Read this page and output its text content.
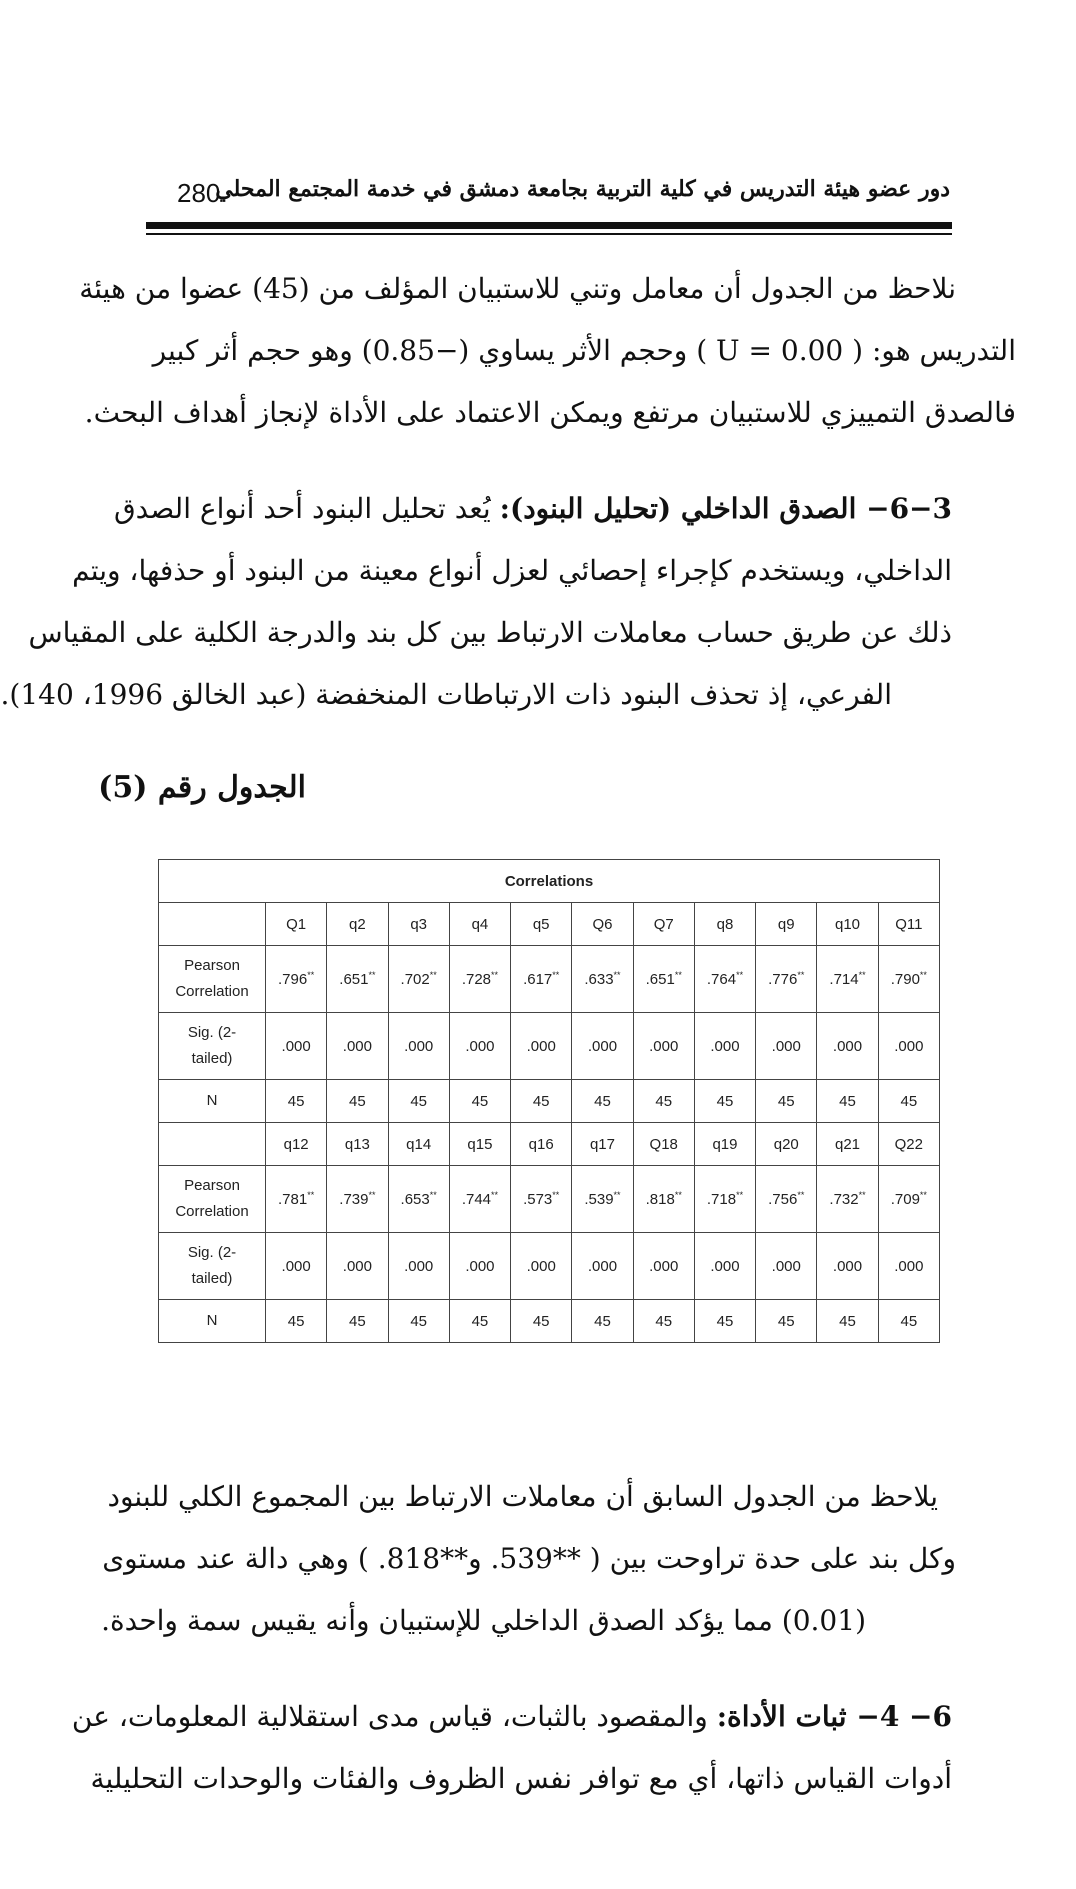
280
دور عضو هيئة التدريس في كلية التربية بجامعة دمشق في خدمة المجتمع المحلي
نلاحظ من الجدول أن معامل وتني للاستبيان المؤلف من (45) عضوا من هيئة
التدريس هو: ( U = 0.00 ) وحجم الأثر يساوي (−0.85) وهو حجم أثر كبير
فالصدق التمييزي للاستبيان مرتفع ويمكن الاعتماد على الأداة لإنجاز أهداف البحث.
6−3− الصدق الداخلي (تحليل البنود): يُعد تحليل البنود أحد أنواع الصدق
الداخلي، ويستخدم كإجراء إحصائي لعزل أنواع معينة من البنود أو حذفها، ويتم
ذلك عن طريق حساب معاملات الارتباط بين كل بند والدرجة الكلية على المقياس
الفرعي، إذ تحذف البنود ذات الارتباطات المنخفضة (عبد الخالق 1996، 140).
الجدول رقم (5)
Correlations											
	Q1	q2	q3	q4	q5	Q6	Q7	q8	q9	q10	Q11
Pearson
Correlation	.796**	.651**	.702**	.728**	.617**	.633**	.651**	.764**	.776**	.714**	.790**
Sig. (2-
tailed)	.000	.000	.000	.000	.000	.000	.000	.000	.000	.000	.000
N	45	45	45	45	45	45	45	45	45	45	45
	q12	q13	q14	q15	q16	q17	Q18	q19	q20	q21	Q22
Pearson
Correlation	.781**	.739**	.653**	.744**	.573**	.539**	.818**	.718**	.756**	.732**	.709**
Sig. (2-
tailed)	.000	.000	.000	.000	.000	.000	.000	.000	.000	.000	.000
N	45	45	45	45	45	45	45	45	45	45	45
يلاحظ من الجدول السابق أن معاملات الارتباط بين المجموع الكلي للبنود
وكل بند على حدة تراوحت بين ( **539. و**818. ) وهي دالة عند مستوى
(0.01) مما يؤكد الصدق الداخلي للإستبيان وأنه يقيس سمة واحدة.
6− 4− ثبات الأداة: والمقصود بالثبات، قياس مدى استقلالية المعلومات، عن
أدوات القياس ذاتها، أي مع توافر نفس الظروف والفئات والوحدات التحليلية
